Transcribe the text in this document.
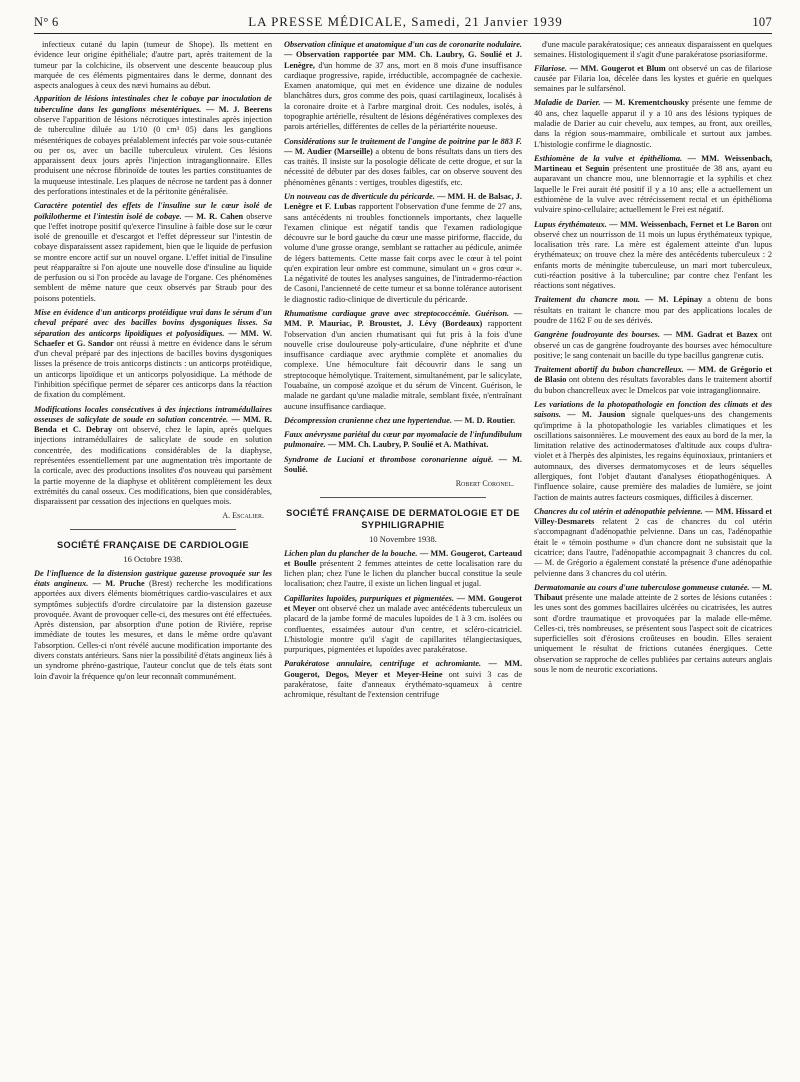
N° 6	LA PRESSE MÉDICALE, Samedi, 21 Janvier 1939	107

infectieux cutané du lapin (tumeur de Shope). Ils mettent en évidence leur origine épithéliale; d'autre part, après traitement de la tumeur par la colchicine, ils observent une descente beaucoup plus marquée de ces éléments pigmentaires dans le derme, donnant des aspects analogues à ceux des nævi humains au début.

Apparition de lésions intestinales chez le cobaye par inoculation de tuberculine dans les ganglions mésentériques. — M. J. Beerens observe l'apparition de lésions nécrotiques intestinales après injection de tuberculine diluée au 1/10 (0 cm³ 05) dans les ganglions mésentériques de cobayes préalablement infectés par voie sous-cutanée ou per os, avec un bacille tuberculeux virulent. Ces lésions apparaissent deux jours après l'injection intraganglionnaire. Elles produisent une nécrose fibrinoïde de toutes les parties constituantes de la muqueuse intestinale. Les plaques de nécrose ne tardent pas à donner des perforations intestinales et de la péritonite généralisée.
Caractère potentiel des effets de l'insuline sur le cœur isolé de poïkilotherme et l'intestin isolé de cobaye. — M. R. Cahen observe que l'effet inotrope positif qu'exerce l'insuline à faible dose sur le cœur isolé de grenouille et d'escargot et l'effet dépresseur sur l'intestin de cobaye disparaissent assez rapidement, bien que le liquide de perfusion se montre encore actif sur un nouvel organe. L'effet initial de l'insuline peut réapparaître si l'on ajoute une nouvelle dose d'insuline au liquide de perfusion ou si l'on procède au lavage de l'organe. Ces phénomènes semblent de même nature que ceux observés par Straub pour des poisons potentiels.
Mise en évidence d'un anticorps protéidique vrai dans le sérum d'un cheval préparé avec des bacilles bovins dysgoniques lisses. Sa séparation des anticorps lipoïdiques et polyosidiques. — MM. W. Schaefer et G. Sandor ont réussi à mettre en évidence dans le sérum d'un cheval préparé par des injections de bacilles bovins dysgoniques lisses la présence de trois anticorps distincts : un anticorps protéidique, un anticorps lipoïdique et un anticorps polyosidique. La méthode de l'inhibition spécifique permet de séparer ces anticorps dans la réaction de fixation du complément.
Modifications locales consécutives à des injections intramédullaires osseuses de salicylate de soude en solution concentrée. — MM. R. Benda et C. Debray ont observé, chez le lapin, après quelques injections intramédullaires de salicylate de soude en solution concentrée, des modifications considérables de la diaphyse, représentées essentiellement par une augmentation très importante de la corticale, avec des productions insolites d'os nouveau qui parsèment la partie moyenne de la diaphyse et oblitèrent complètement les deux extrémités du canal osseux. Ces modifications, bien que considérables, disparaissent par cessation des injections en quelques mois.
A. Escalier.
SOCIÉTÉ FRANÇAISE DE CARDIOLOGIE
16 Octobre 1938.
De l'influence de la distension gastrique gazeuse provoquée sur les états angineux. — M. Pruche (Brest) recherche les modifications apportées aux divers éléments biométriques cardio-vasculaires et aux symptômes subjectifs d'ordre circulatoire par la distension gazeuse provoquée. Avant de provoquer celle-ci, des mesures ont été effectuées. Après distension, par absorption d'une potion de Rivière, reprise immédiate de toutes les mesures, et dans le même ordre qu'avant l'absorption. Celles-ci n'ont révélé aucune modification importante des divers constats antérieurs. Sans nier la possibilité d'états angineux liés à un syndrome phréno-gastrique, l'auteur conclut que de tels états sont loin d'avoir la fréquence qu'on leur reconnaît communément.
Observation clinique et anatomique d'un cas de coronarite nodulaire. — Observation rapportée par MM. Ch. Laubry, G. Soulié et J. Lenègre, d'un homme de 37 ans, mort en 8 mois d'une insuffisance cardiaque progressive, rapide, irréductible, accompagnée de cachexie. Examen anatomique, qui met en évidence une dizaine de nodules blanchâtres durs, gros comme des pois, quasi cartilagineux, localisés à la coronaire droite et à l'arbre marginal droit. Ces nodules, isolés, à topographie artérielle, résultent de lésions dégénératives complexes des parois artérielles, différentes de celles de la périartérite noueuse.
Considérations sur le traitement de l'angine de poitrine par le 883 F. — M. Audier (Marseille) a obtenu de bons résultats dans un tiers des cas traités. Il insiste sur la posologie délicate de cette drogue, et sur la nécessité de débuter par des doses faibles, car on observe souvent des phénomènes gênants : vertiges, troubles digestifs, etc.
Un nouveau cas de diverticule du péricarde. — MM. H. de Balsac, J. Lenègre et F. Lubas rapportent l'observation d'une femme de 27 ans, sans antécédents ni troubles fonctionnels importants, chez laquelle l'examen clinique est négatif tandis que l'examen radiologique découvre sur le bord gauche du cœur une masse piriforme, flaccide, du volume d'une grosse orange, semblant se rattacher au pédicule, animée de légers battements. Cette masse fait corps avec le cœur à tel point qu'en expiration leur ombre est commune, simulant un « gros cœur ». La négativité de toutes les analyses sanguines, de l'intradermo-réaction de Casoni, l'ancienneté de cette tumeur et sa bonne tolérance autorisent le diagnostic radio-clinique de diverticule du péricarde.
Rhumatisme cardiaque grave avec streptococcémie. Guérison. — MM. P. Mauriac, P. Broustet, J. Lévy (Bordeaux) rapportent l'observation d'un ancien rhumatisant qui fut pris à la fois d'une nouvelle crise douloureuse poly-articulaire, d'une néphrite et d'une insuffisance cardiaque avec arythmie complète et anomalies du complexe. Une hémoculture fait découvrir dans le sang un streptocoque hémolytique. Traitement, simultanément, par le salicylate, l'ouabaïne, un composé azoïque et du sérum de Vincent. Guérison, le malade ne gardant qu'une maladie mitrale, semblant fixée, n'entraînant aucune insuffisance cardiaque.
Décompression cranienne chez une hypertendue. — M. D. Routier.
Faux anévrysme pariétal du cœur par myomalacie de l'infundibulum pulmonaire. — MM. Ch. Laubry, P. Soulié et A. Mathivat.
Syndrome de Luciani et thrombose coronarienne aiguë. — M. Soulié.
Robert Coronel.
SOCIÉTÉ FRANÇAISE DE DERMATOLOGIE ET DE SYPHILIGRAPHIE
10 Novembre 1938.
Lichen plan du plancher de la bouche. — MM. Gougerot, Carteaud et Boulle présentent 2 femmes atteintes de cette localisation rare du lichen plan; chez l'une le lichen du plancher buccal constitue la seule localisation; chez l'autre, il existe un lichen lingual et jugal.
Capillarites lupoïdes, purpuriques et pigmentées. — MM. Gougerot et Meyer ont observé chez un malade avec antécédents tuberculeux un placard de la jambe formé de macules lupoïdes de 1 à 3 cm. isolées ou confluentes, essaimées autour d'un centre, et scléro-cicatriciel. L'histologie montre qu'il s'agit de capillarites télangiectasiques, purpuriques, pigmentées et lupoïdes avec parakératose.
Parakératose annulaire, centrifuge et achromiante. — MM. Gougerot, Degos, Meyer et Meyer-Heine ont suivi 3 cas de parakératose, faite d'anneaux érythémato-squameux à centre achromique, résultant de l'extension centrifuge

d'une macule parakératosique; ces anneaux disparaissent en quelques semaines. Histologiquement il s'agit d'une parakératose psoriasiforme.

Filariose. — MM. Gougerot et Blum ont observé un cas de filariose causée par Filaria loa, décelée dans les kystes et guérie en quelques semaines par le sulfarsénol.
Maladie de Darier. — M. Krementchousky présente une femme de 40 ans, chez laquelle apparut il y a 10 ans des lésions typiques de maladie de Darier au cuir chevelu, aux tempes, au front, aux oreilles, dans la région sous-mammaire, ombilicale et surtout aux jambes. L'histologie confirme le diagnostic.
Esthiomène de la vulve et épithélioma. — MM. Weissenbach, Martineau et Seguin présentent une prostituée de 38 ans, ayant eu auparavant un chancre mou, une blennorragie et la syphilis et chez laquelle le Frei aurait été positif il y a 10 ans; elle a actuellement un esthiomène de la vulve avec rétrécissement rectal et un épithélioma vulvaire spino-cellulaire; actuellement le Frei est négatif.
Lupus érythémateux. — MM. Weissenbach, Fernet et Le Baron ont observé chez un nourrisson de 11 mois un lupus érythémateux typique, localisation très rare. La mère est également atteinte d'un lupus érythémateux; on trouve chez la mère des antécédents tuberculeux : 2 enfants morts de méningite tuberculeuse, un mari mort tuberculeux, cuti-réaction positive à la tuberculine; par contre chez l'enfant les réactions sont négatives.
Traitement du chancre mou. — M. Lépinay a obtenu de bons résultats en traitant le chancre mou par des applications locales de poudre de 1162 F ou de ses dérivés.
Gangrène foudroyante des bourses. — MM. Gadrat et Bazex ont observé un cas de gangrène foudroyante des bourses avec hémoculture positive; le sang contenait un bacille du type bacillus gangrenæ cutis.
Traitement abortif du bubon chancrelleux. — MM. de Grégorio et de Blasio ont obtenu des résultats favorables dans le traitement abortif du bubon chancrelleux avec le Dmelcos par voie intraganglionnaire.
Les variations de la photopathologie en fonction des climats et des saisons. — M. Jausion signale quelques-uns des changements qu'imprime à la photopathologie les variables climatiques et les oscillations saisonnières. Le mouvement des eaux au bord de la mer, la limitation relative des actinodermatoses d'altitude aux coups d'ultra-violet et à l'herpès des alpinistes, les regains équinoxiaux, printaniers et automnaux, des diverses dermatomycoses et de leurs séquelles allergiques, font l'objet d'autant d'analyses étiopathogéniques. A l'influence solaire, cause première des maladies de lumière, se joint l'action de maints autres facteurs cosmiques, difficiles à discerner.
Chancres du col utérin et adénopathie pelvienne. — MM. Hissard et Villey-Desmarets relatent 2 cas de chancres du col utérin s'accompagnant d'adénopathie pelvienne. Dans un cas, l'adénopathie était le « témoin posthume » d'un chancre dont ne subsistait que la cicatrice; dans l'autre, l'adénopathie accompagnait 3 chancres du col. — M. de Grégorio a également constaté la présence d'une adénopathie pelvienne dans 3 chancres du col utérin.
Dermatomanie au cours d'une tuberculose gommeuse cutanée. — M. Thibaut présente une malade atteinte de 2 sortes de lésions cutanées : les unes sont des gommes bacillaires ulcérées ou cicatrisées, les autres sont d'ordre traumatique et provoquées par la malade elle-même. Celles-ci, très nombreuses, se présentent sous l'aspect soit de cicatrices superficielles soit d'érosions croûteuses en boudin. Elles seraient uniquement le résultat de frictions cutanées énergiques. Cette observation se rapproche de celles publiées par certains auteurs anglais sous le nom de neurotic excoriations.
